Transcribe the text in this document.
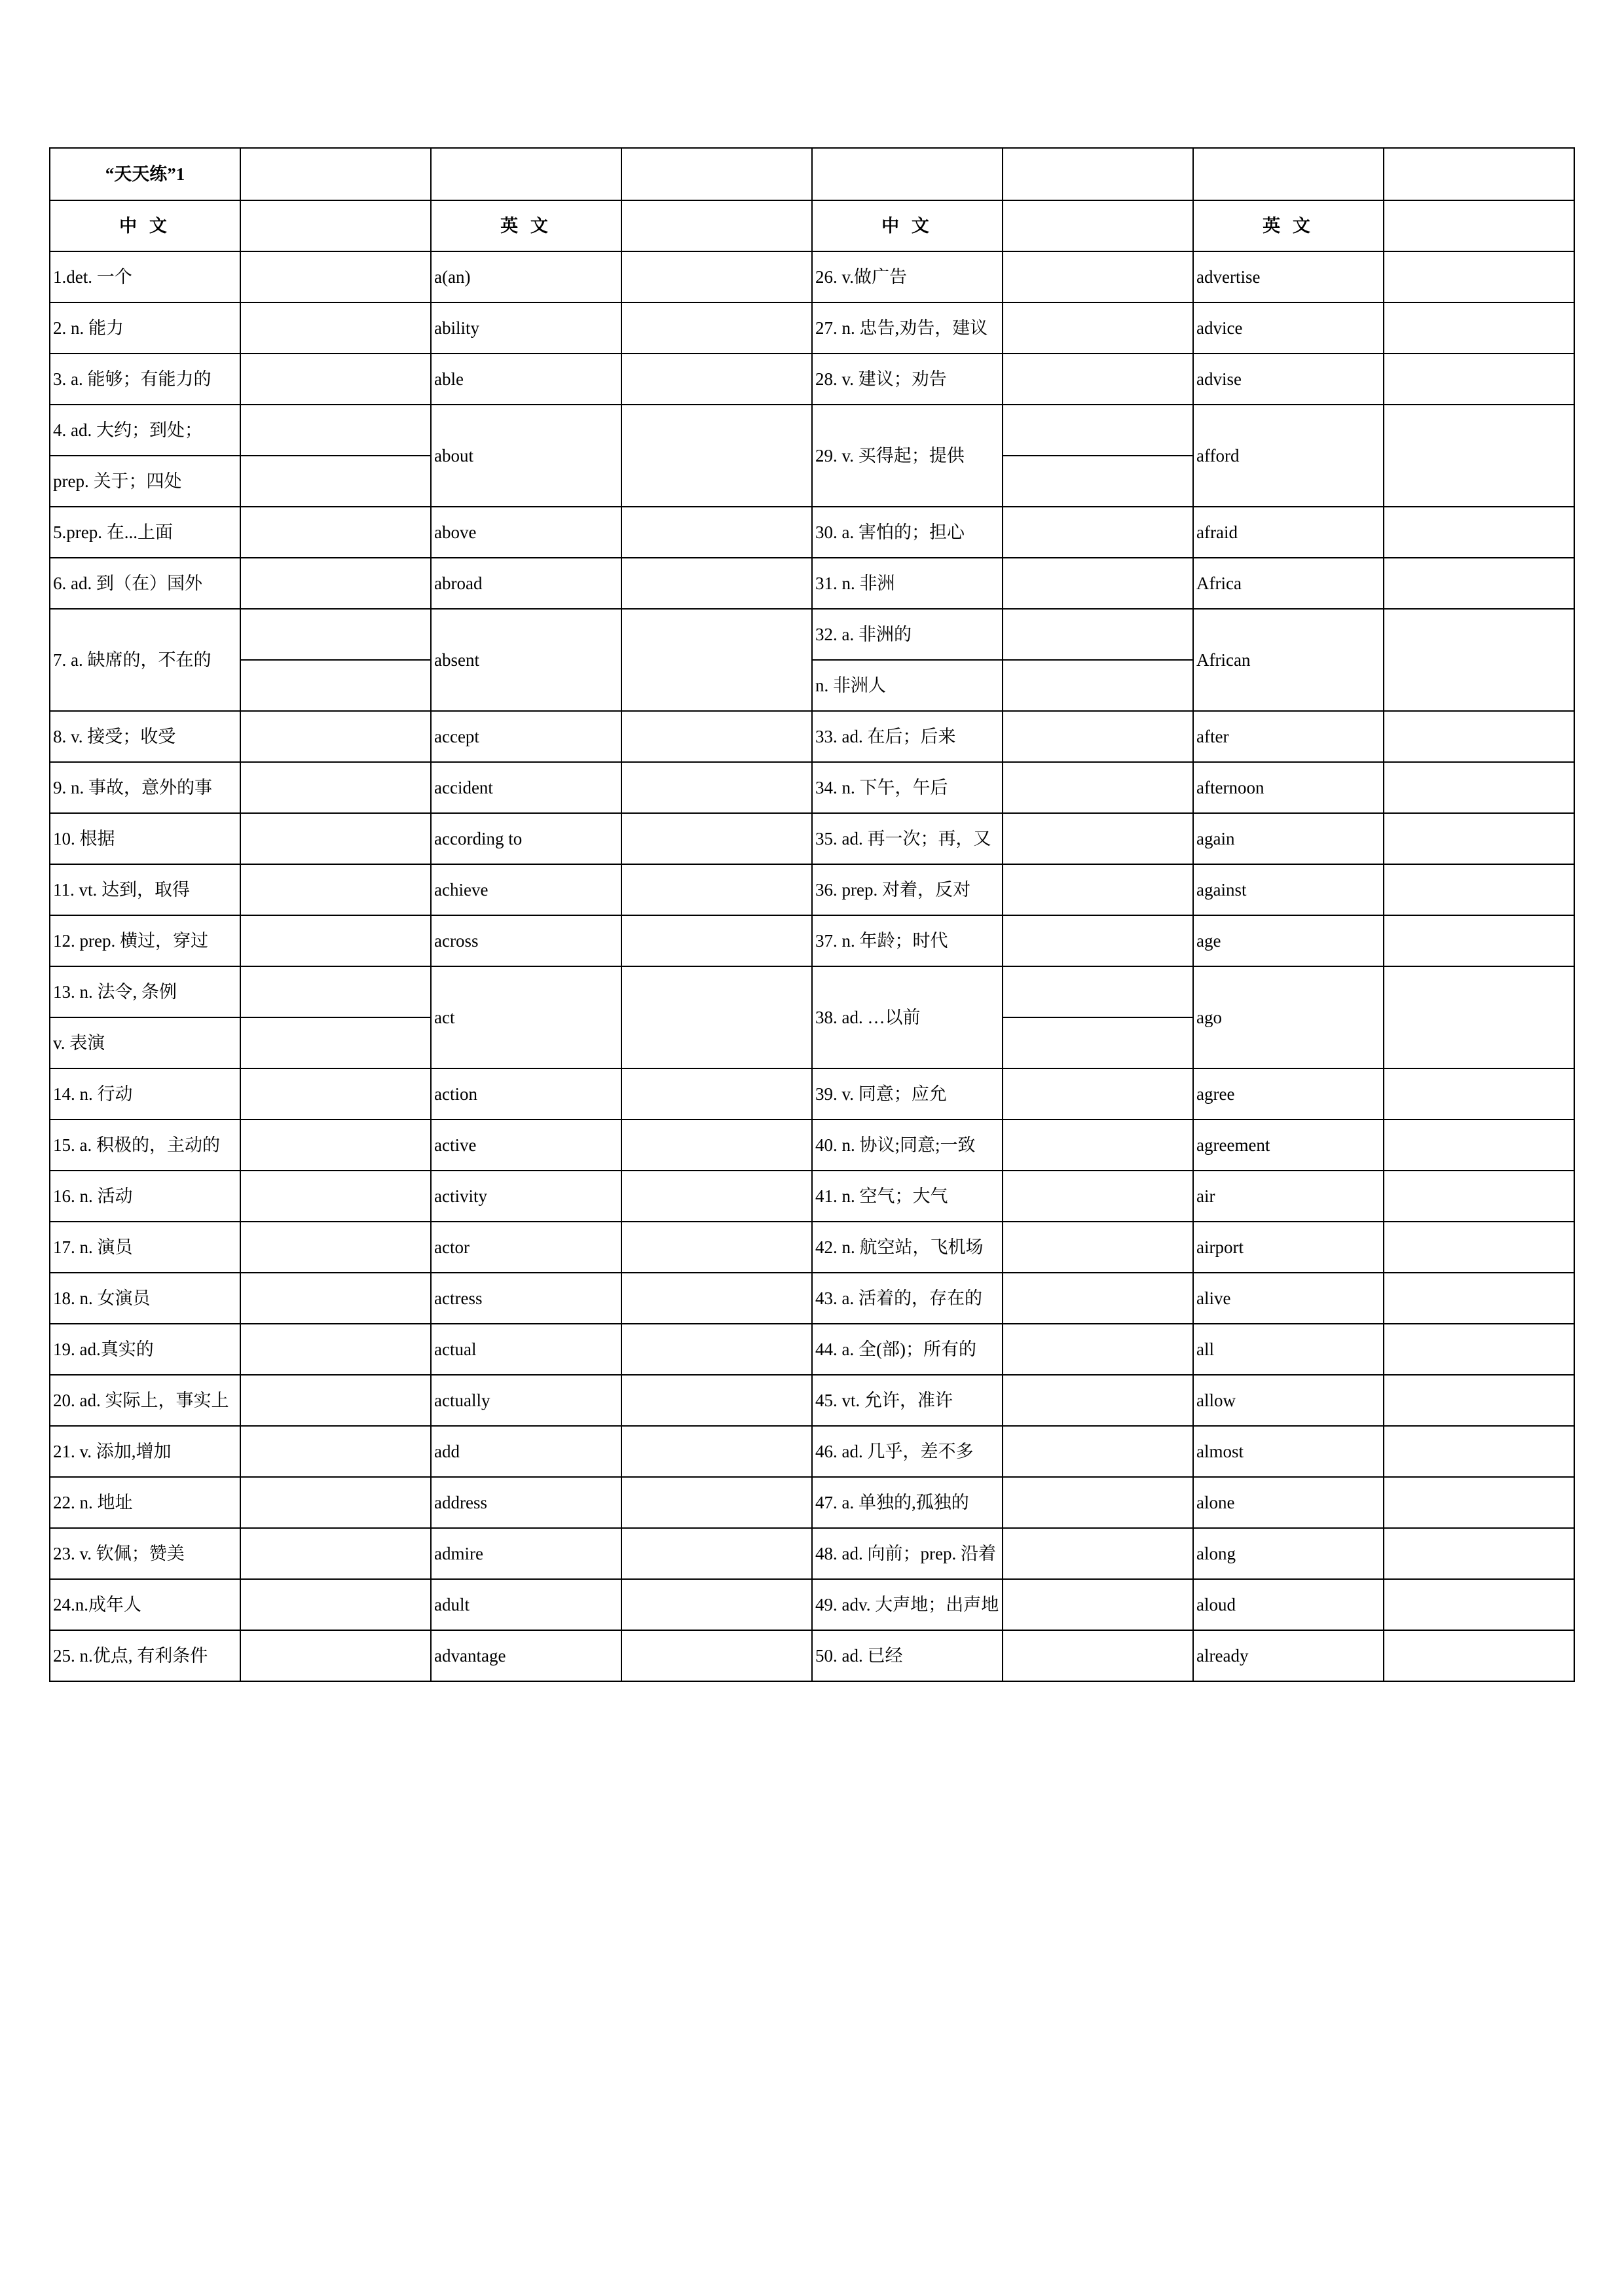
“天天练”1							
中 文		英 文		中 文		英 文	
1.det. 一个		a(an)		26. v.做广告		advertise	
2. n. 能力		ability		27. n. 忠告,劝告，建议		advice	
3. a. 能够；有能力的		able		28. v. 建议；劝告		advise	
4. ad. 大约；到处；		about		29. v. 买得起；提供		afford	
prep. 关于；四处							
5.prep. 在...上面		above		30. a. 害怕的；担心		afraid	
6. ad. 到（在）国外		abroad		31. n. 非洲		Africa	
7. a. 缺席的，不在的		absent		32. a. 非洲的		African	
				n. 非洲人			
8. v. 接受；收受		accept		33. ad. 在后；后来		after	
9. n. 事故，意外的事		accident		34. n. 下午，午后		afternoon	
10. 根据		according to		35. ad. 再一次；再，又		again	
11. vt. 达到，取得		achieve		36. prep. 对着，反对		against	
12. prep. 横过，穿过		across		37. n. 年龄；时代		age	
13. n. 法令, 条例		act		38. ad. …以前		ago	
v. 表演							
14. n. 行动		action		39. v. 同意；应允		agree	
15. a. 积极的，主动的		active		40. n. 协议;同意;一致		agreement	
16. n. 活动		activity		41. n. 空气；大气		air	
17. n. 演员		actor		42. n. 航空站，飞机场		airport	
18. n. 女演员		actress		43. a. 活着的，存在的		alive	
19. ad.真实的		actual		44. a. 全(部)；所有的		all	
20. ad. 实际上，事实上		actually		45. vt. 允许，准许		allow	
21. v. 添加,增加		add		46. ad. 几乎，差不多		almost	
22. n. 地址		address		47. a. 单独的,孤独的		alone	
23. v. 钦佩；赞美		admire		48. ad. 向前；prep. 沿着		along	
24.n.成年人		adult		49. adv. 大声地；出声地		aloud	
25. n.优点, 有利条件		advantage		50. ad. 已经		already	
